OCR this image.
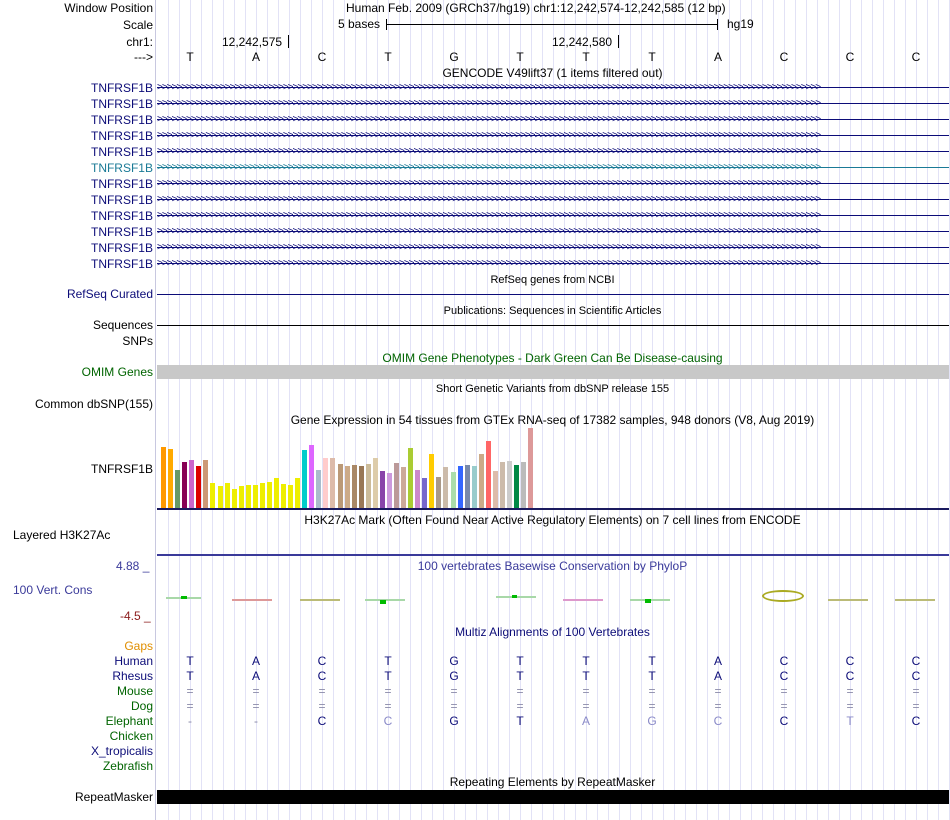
Window Position	Human Feb. 2009 (GRCh37/hg19) chr1:12,242,574-12,242,585 (12 bp)
Scale	5 bases	hg19
chr1:	12,242,575	12,242,580
--->	T	A	C	T	G	T	T	T	A	C	C	C
GENCODE V49lift37 (1 items filtered out)
TNFRSF1B >>>>>>>>>>>>>>>>>>>>>>>>>>>>>>>>>>>>>>>>>>>>>>>>>>>>>>>>>>>>>>>>>>>>>>>>>>>>>>>>>>>>>>>>>>>>>>>>>>>>>>>>>>>>>>>>>>>>>>>>>>>>>>>>>>>>>>>>>
TNFRSF1B >>>>>>>>>>>>>>>>>>>>>>>>>>>>>>>>>>>>>>>>>>>>>>>>>>>>>>>>>>>>>>>>>>>>>>>>>>>>>>>>>>>>>>>>>>>>>>>>>>>>>>>>>>>>>>>>>>>>>>>>>>>>>>>>>>>>>>>>>
TNFRSF1B >>>>>>>>>>>>>>>>>>>>>>>>>>>>>>>>>>>>>>>>>>>>>>>>>>>>>>>>>>>>>>>>>>>>>>>>>>>>>>>>>>>>>>>>>>>>>>>>>>>>>>>>>>>>>>>>>>>>>>>>>>>>>>>>>>>>>>>>>
TNFRSF1B >>>>>>>>>>>>>>>>>>>>>>>>>>>>>>>>>>>>>>>>>>>>>>>>>>>>>>>>>>>>>>>>>>>>>>>>>>>>>>>>>>>>>>>>>>>>>>>>>>>>>>>>>>>>>>>>>>>>>>>>>>>>>>>>>>>>>>>>>
TNFRSF1B >>>>>>>>>>>>>>>>>>>>>>>>>>>>>>>>>>>>>>>>>>>>>>>>>>>>>>>>>>>>>>>>>>>>>>>>>>>>>>>>>>>>>>>>>>>>>>>>>>>>>>>>>>>>>>>>>>>>>>>>>>>>>>>>>>>>>>>>>
TNFRSF1B >>>>>>>>>>>>>>>>>>>>>>>>>>>>>>>>>>>>>>>>>>>>>>>>>>>>>>>>>>>>>>>>>>>>>>>>>>>>>>>>>>>>>>>>>>>>>>>>>>>>>>>>>>>>>>>>>>>>>>>>>>>>>>>>>>>>>>>>>
TNFRSF1B >>>>>>>>>>>>>>>>>>>>>>>>>>>>>>>>>>>>>>>>>>>>>>>>>>>>>>>>>>>>>>>>>>>>>>>>>>>>>>>>>>>>>>>>>>>>>>>>>>>>>>>>>>>>>>>>>>>>>>>>>>>>>>>>>>>>>>>>>
TNFRSF1B >>>>>>>>>>>>>>>>>>>>>>>>>>>>>>>>>>>>>>>>>>>>>>>>>>>>>>>>>>>>>>>>>>>>>>>>>>>>>>>>>>>>>>>>>>>>>>>>>>>>>>>>>>>>>>>>>>>>>>>>>>>>>>>>>>>>>>>>>
TNFRSF1B >>>>>>>>>>>>>>>>>>>>>>>>>>>>>>>>>>>>>>>>>>>>>>>>>>>>>>>>>>>>>>>>>>>>>>>>>>>>>>>>>>>>>>>>>>>>>>>>>>>>>>>>>>>>>>>>>>>>>>>>>>>>>>>>>>>>>>>>>
TNFRSF1B >>>>>>>>>>>>>>>>>>>>>>>>>>>>>>>>>>>>>>>>>>>>>>>>>>>>>>>>>>>>>>>>>>>>>>>>>>>>>>>>>>>>>>>>>>>>>>>>>>>>>>>>>>>>>>>>>>>>>>>>>>>>>>>>>>>>>>>>>
TNFRSF1B >>>>>>>>>>>>>>>>>>>>>>>>>>>>>>>>>>>>>>>>>>>>>>>>>>>>>>>>>>>>>>>>>>>>>>>>>>>>>>>>>>>>>>>>>>>>>>>>>>>>>>>>>>>>>>>>>>>>>>>>>>>>>>>>>>>>>>>>>
TNFRSF1B >>>>>>>>>>>>>>>>>>>>>>>>>>>>>>>>>>>>>>>>>>>>>>>>>>>>>>>>>>>>>>>>>>>>>>>>>>>>>>>>>>>>>>>>>>>>>>>>>>>>>>>>>>>>>>>>>>>>>>>>>>>>>>>>>>>>>>>>>
RefSeq genes from NCBI
RefSeq Curated
Publications: Sequences in Scientific Articles
Sequences
SNPs
OMIM Gene Phenotypes - Dark Green Can Be Disease-causing
OMIM Genes
Short Genetic Variants from dbSNP release 155
Common dbSNP(155)
Gene Expression in 54 tissues from GTEx RNA-seq of 17382 samples, 948 donors (V8, Aug 2019)
TNFRSF1B
H3K27Ac Mark (Often Found Near Active Regulatory Elements) on 7 cell lines from ENCODE
Layered H3K27Ac
4.88 _	100 vertebrates Basewise Conservation by PhyloP
100 Vert. Cons
-4.5 _
Multiz Alignments of 100 Vertebrates
Gaps
Human	T	A	C	T	G	T	T	T	A	C	C	C
Rhesus	T	A	C	T	G	T	T	T	A	C	C	C
Mouse	=	=	=	=	=	=	=	=	=	=	=	=
Dog	=	=	=	=	=	=	=	=	=	=	=	=
Elephant	-	-	C	C	G	T	A	G	C	C	T	C
Chicken
X_tropicalis
Zebrafish
Repeating Elements by RepeatMasker
RepeatMasker
